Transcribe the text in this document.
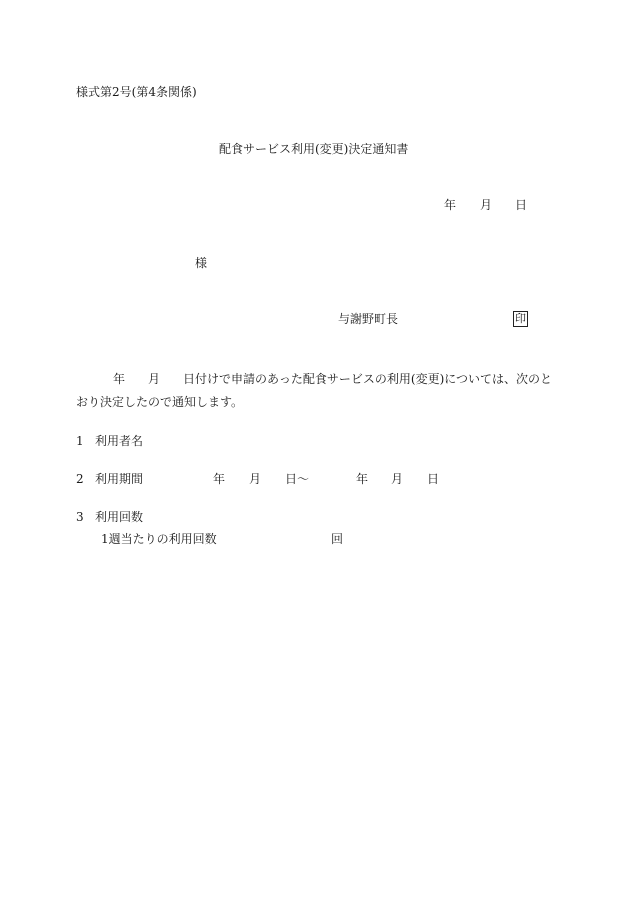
様式第2号(第4条関係)
配食サービス利用(変更)決定通知書
年 月 日
様
与謝野町長	印
年 月 日付けで申請のあった配食サービスの利用(変更)については、次のと
おり決定したので通知します。
1 利用者名
2 利用期間	年 月 日～	年 月 日
3 利用回数
1週当たりの利用回数	回
